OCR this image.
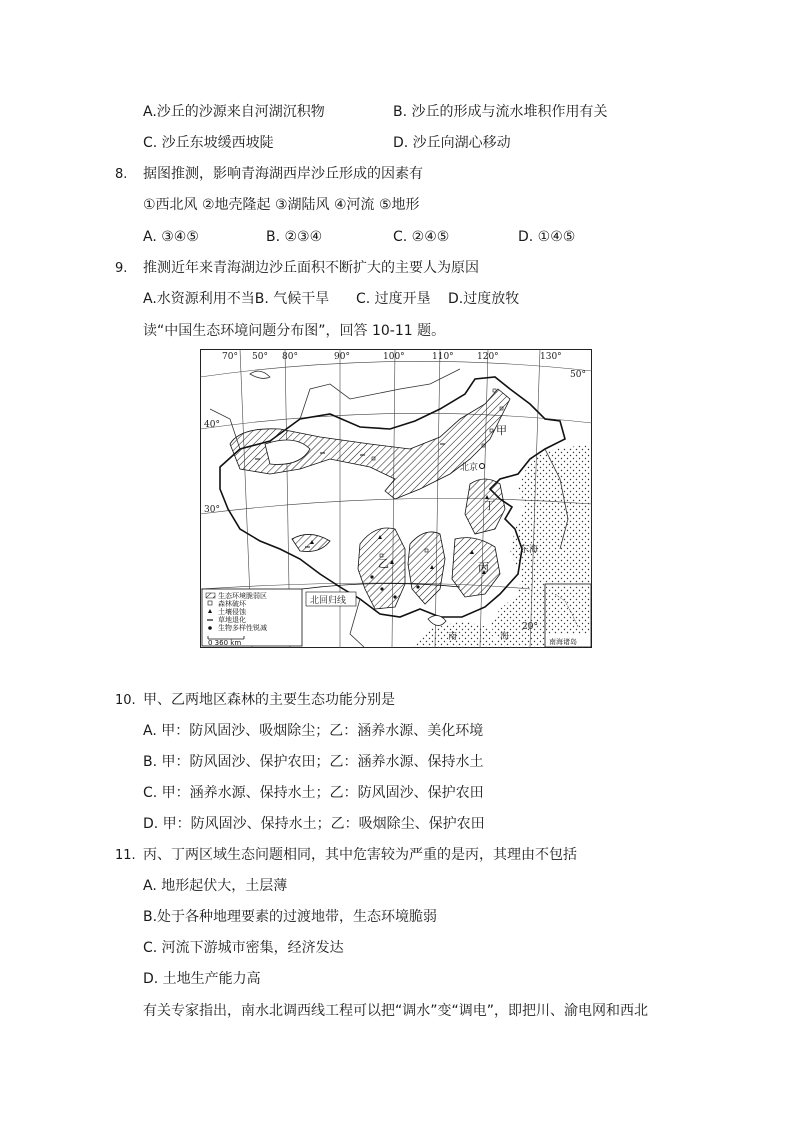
A.沙丘的沙源来自河湖沉积物	B. 沙丘的形成与流水堆积作用有关
C. 沙丘东坡缓西坡陡	D. 沙丘向湖心移动
8. 据图推测，影响青海湖西岸沙丘形成的因素有
①西北风 ②地壳隆起 ③湖陆风 ④河流 ⑤地形
A. ③④⑤	B. ②③④	C. ②④⑤	D. ①④⑤
9. 推测近年来青海湖边沙丘面积不断扩大的主要人为原因
A.水资源利用不当B. 气候干旱 C. 过度开垦 D.过度放牧
读“中国生态环境问题分布图”，回答 10-11 题。
北京
甲
乙	丙
丁
东海
南	海
北回归线
70° 50° 80°	90°	100°	110°	120°	130°
50°
40°
30°
20°
生态环境脆弱区
森林破坏
土壤侵蚀
草地退化
生物多样性锐减
0 360 km	南海诸岛
10. 甲、乙两地区森林的主要生态功能分别是
A. 甲：防风固沙、吸烟除尘；乙：涵养水源、美化环境
B. 甲：防风固沙、保护农田；乙：涵养水源、保持水土
C. 甲：涵养水源、保持水土；乙：防风固沙、保护农田
D. 甲：防风固沙、保持水土；乙：吸烟除尘、保护农田
11. 丙、丁两区域生态问题相同，其中危害较为严重的是丙，其理由不包括
A. 地形起伏大，土层薄
B.处于各种地理要素的过渡地带，生态环境脆弱
C. 河流下游城市密集，经济发达
D. 土地生产能力高
有关专家指出，南水北调西线工程可以把“调水”变“调电”，即把川、渝电网和西北
